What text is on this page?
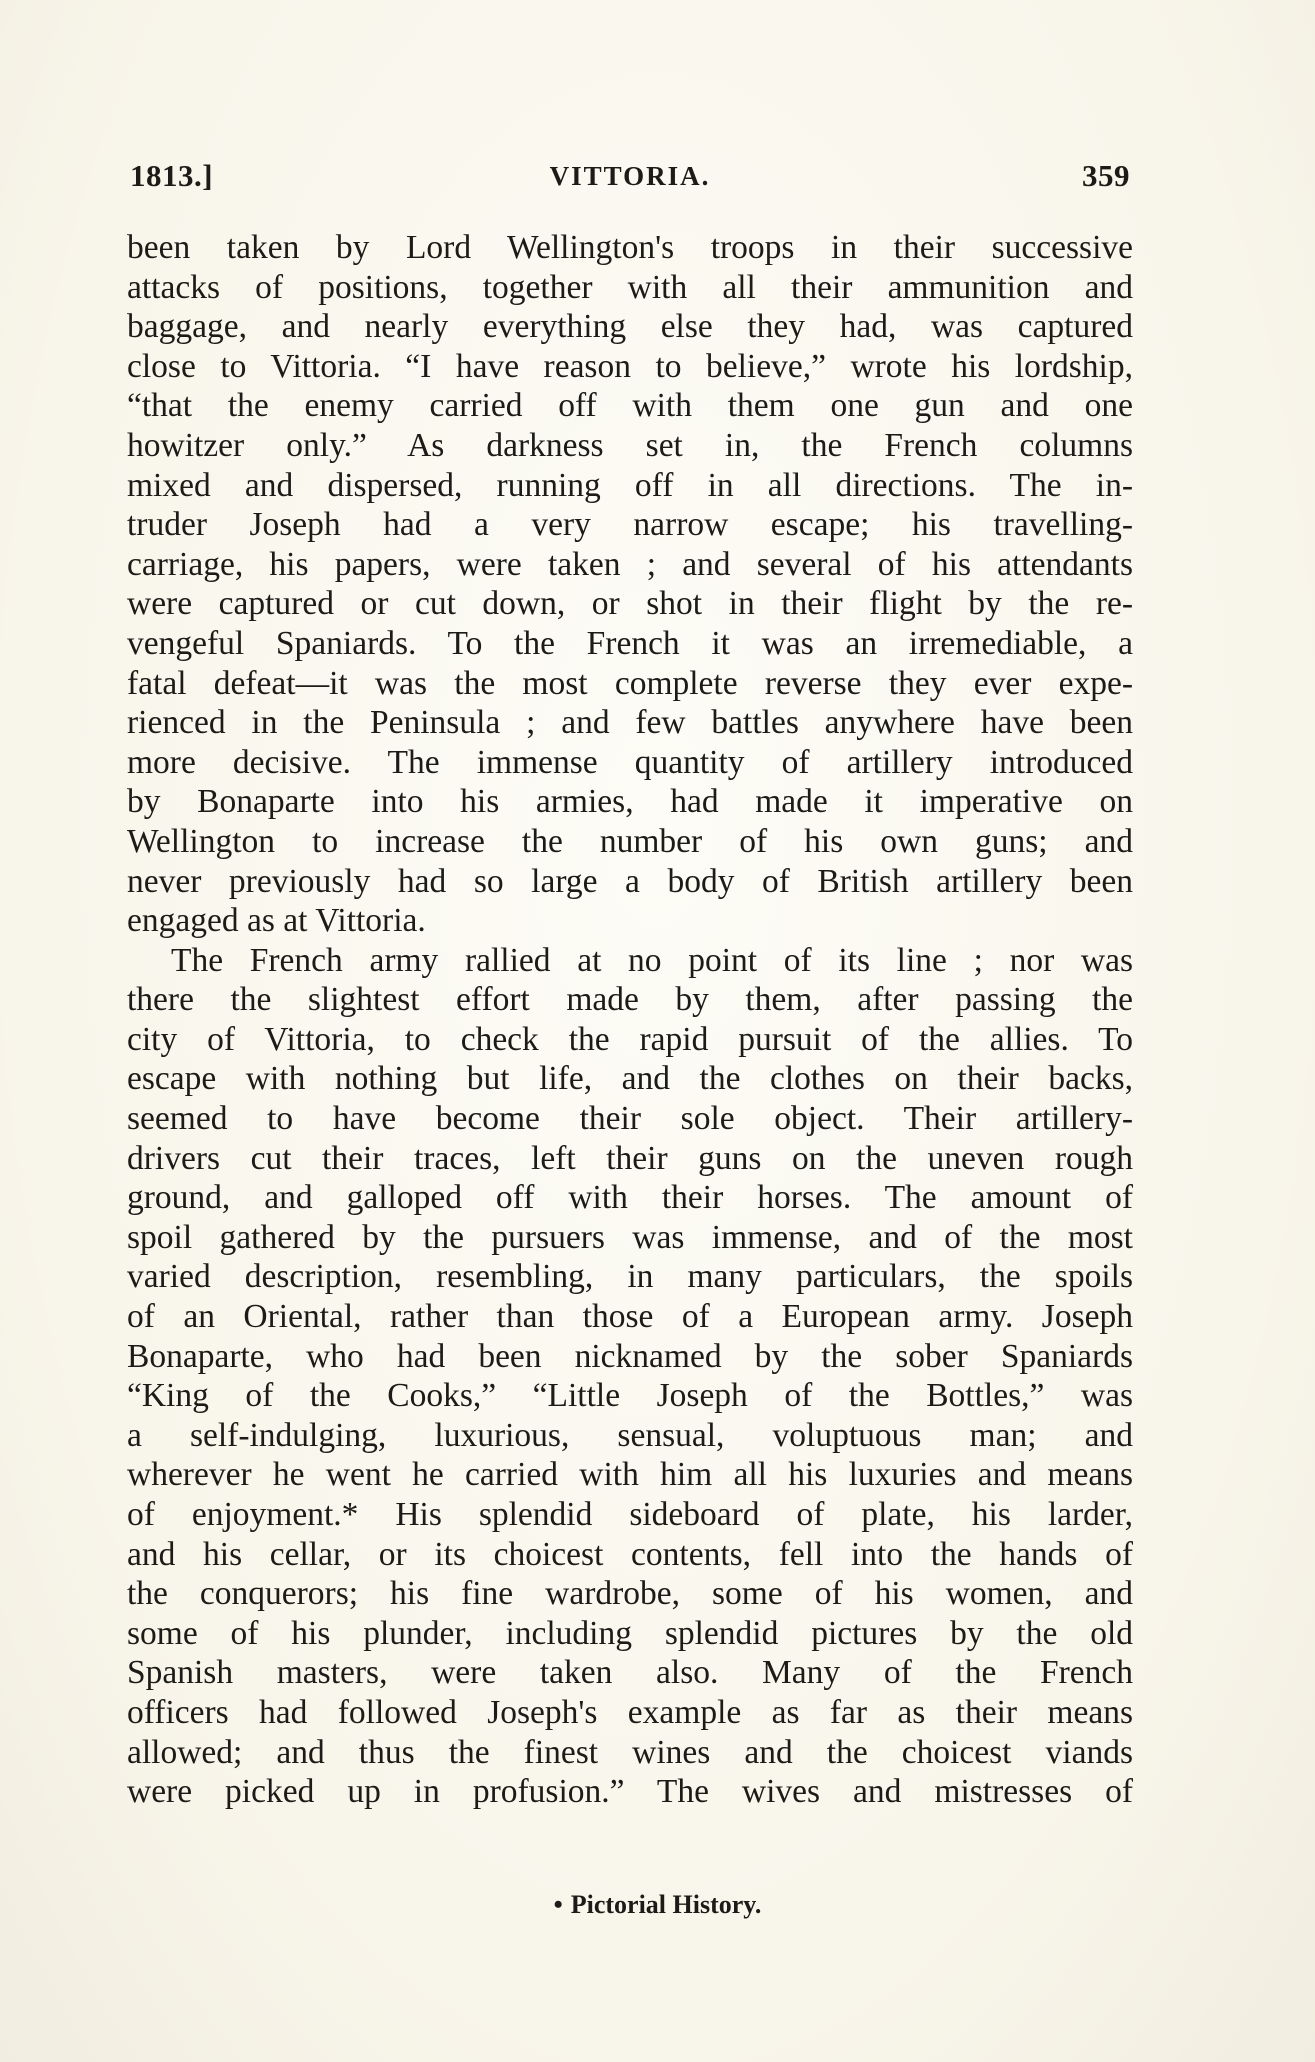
1813.]	VITTORIA.	359
been taken by Lord Wellington's troops in their successive
attacks of positions, together with all their ammunition and
baggage, and nearly everything else they had, was captured
close to Vittoria. “I have reason to believe,” wrote his lordship,
“that the enemy carried off with them one gun and one
howitzer only.” As darkness set in, the French columns
mixed and dispersed, running off in all directions. The in-
truder Joseph had a very narrow escape; his travelling-
carriage, his papers, were taken ; and several of his attendants
were captured or cut down, or shot in their flight by the re-
vengeful Spaniards. To the French it was an irremediable, a
fatal defeat—it was the most complete reverse they ever expe-
rienced in the Peninsula ; and few battles anywhere have been
more decisive. The immense quantity of artillery introduced
by Bonaparte into his armies, had made it imperative on
Wellington to increase the number of his own guns; and
never previously had so large a body of British artillery been
engaged as at Vittoria.
The French army rallied at no point of its line ; nor was
there the slightest effort made by them, after passing the
city of Vittoria, to check the rapid pursuit of the allies. To
escape with nothing but life, and the clothes on their backs,
seemed to have become their sole object. Their artillery-
drivers cut their traces, left their guns on the uneven rough
ground, and galloped off with their horses. The amount of
spoil gathered by the pursuers was immense, and of the most
varied description, resembling, in many particulars, the spoils
of an Oriental, rather than those of a European army. Joseph
Bonaparte, who had been nicknamed by the sober Spaniards
“King of the Cooks,” “Little Joseph of the Bottles,” was
a self-indulging, luxurious, sensual, voluptuous man; and
wherever he went he carried with him all his luxuries and means
of enjoyment.* His splendid sideboard of plate, his larder,
and his cellar, or its choicest contents, fell into the hands of
the conquerors; his fine wardrobe, some of his women, and
some of his plunder, including splendid pictures by the old
Spanish masters, were taken also. Many of the French
officers had followed Joseph's example as far as their means
allowed; and thus the finest wines and the choicest viands
were picked up in profusion.” The wives and mistresses of
• Pictorial History.
